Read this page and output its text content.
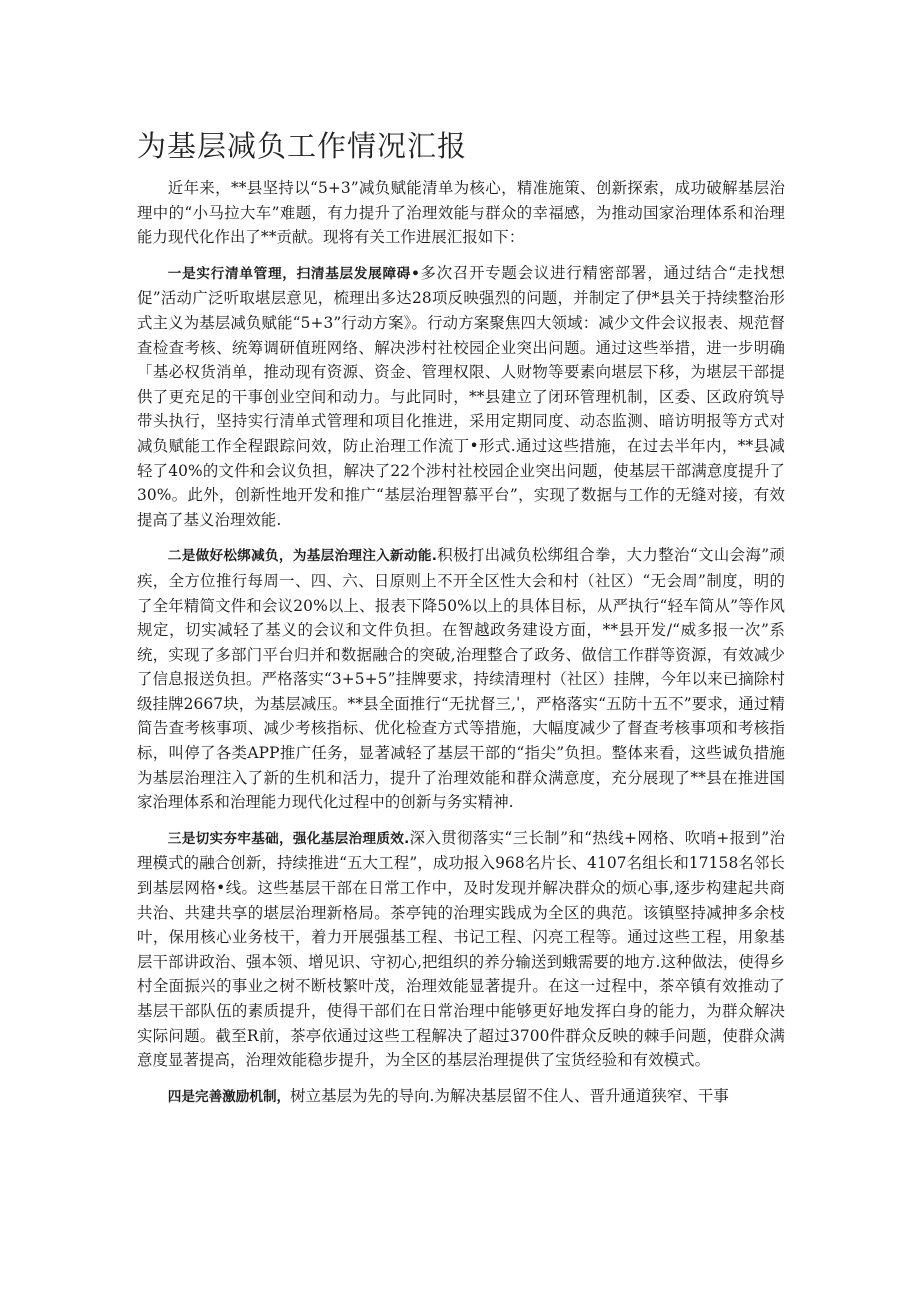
为基层减负工作情况汇报

近年来，**县坚持以“5+3”减负赋能清单为核心，精准施策、创新探索，成功破解基层治理中的“小马拉大车”难题，有力提升了治理效能与群众的幸福感，为推动国家治理体系和治理能力现代化作出了**贡献。现将有关工作进展汇报如下：

一是实行清单管理，扫清基层发展障碍•多次召开专题会议进行精密部署，通过结合“走找想促”活动广泛听取堪层意见，梳理出多达28项反映强烈的问题，并制定了伊*县关于持续整治形式主义为基层减负赋能“5+3”行动方案》。行动方案聚焦四大领域：减少文件会议报表、规范督查检查考核、统筹调研值班网络、解决涉村社校园企业突出问题。通过这些举措，进一步明确「基必权货消单，推动现有资源、资金、管理权限、人财物等要素向堪层下移，为堪层干部提供了更充足的干事创业空间和动力。与此同时，**县建立了闭环管理机制，区委、区政府筑导带头执行，坚持实行清单式管理和项目化推进，采用定期同度、动态监测、暗访明报等方式对减负赋能工作全程跟踪问效，防止治理工作流丁•形式.通过这些措施，在过去半年内，**县减轻了40%的文件和会议负担，解决了22个涉村社校园企业突出问题，使基层干部满意度提升了30%。此外，创新性地开发和推广“基层治理智慕平台”，实现了数据与工作的无缝对接，有效提高了基义治理效能.

二是做好松绑减负，为基层治理注入新动能.积极打出减负松绑组合拳，大力整治“文山会海”顽疾，全方位推行每周一、四、六、日原则上不开全区性大会和村（社区）“无会周”制度，明的了全年精简文件和会议20%以上、报表下降50%以上的具体目标，从严执行“轻车简从”等作风规定，切实减轻了基义的会议和文件负担。在智越政务建设方面，**县开发/“威多报一次”系统，实现了多部门平台归并和数据融合的突破,治理整合了政务、做信工作群等资源，有效减少了信息报送负担。严格落实“3+5+5”挂牌要求，持续清理村（社区）挂牌，今年以来已摘除村级挂牌2667块，为基层减压。**县全面推行“无扰督三,ˈ，严格落实“五防十五不”要求，通过精简告查考核事项、减少考核指标、优化检查方式等措施，大幅度减少了督查考核事项和考核指标，叫停了各类APP推广任务，显著减轻了基层干部的“指尖”负担。整体来看，这些诚负措施为基层治理注入了新的生机和活力，提升了治理效能和群众满意度，充分展现了**县在推进国家治理体系和治理能力现代化过程中的创新与务实精神.

三是切实夯牢基础，强化基层治理质效.深入贯彻落实“三长制”和“热线+网格、吹哨+报到”治理模式的融合创新，持续推进“五大工程”，成功报入968名片长、4107名组长和17158名邻长到基层网格•线。这些基层干部在日常工作中，及时发现并解决群众的烦心事,逐步构建起共商共治、共建共享的堪层治理新格局。茶亭钝的治理实践成为全区的典范。该镇堅持减抻多余枝叶，保用核心业务枝干，着力开展强基工程、书记工程、闪亮工程等。通过这些工程，用象基层干部讲政治、强本领、增见识、守初心,把组织的养分输送到蛾需要的地方.这种做法，使得乡村全面振兴的事业之树不断枝繁叶茂，治理效能显著提升。在这一过程中，茶卒镇有效推动了基层干部队伍的素质提升，使得干部们在日常治理中能够更好地发挥白身的能力，为群众解决实际问题。截至R前，茶亭依通过这些工程解决了超过3700件群众反映的棘手问题，使群众满意度显著提高，治理效能稳步提升，为全区的基层治理提供了宝货经验和有效模式。

四是完善激励机制，树立基层为先的导向.为解决基层留不住人、晋升通道狭窄、干事
